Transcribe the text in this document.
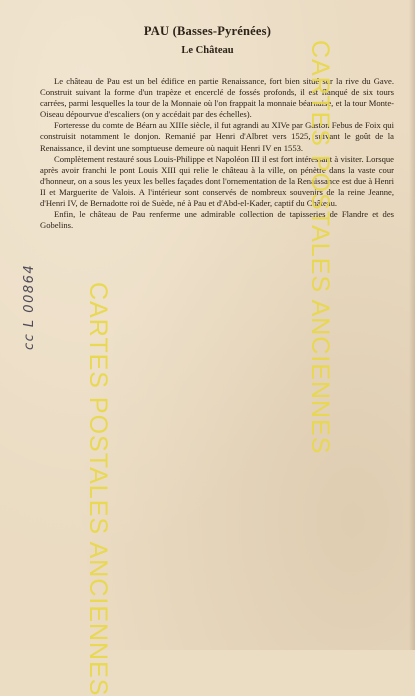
PAU (Basses-Pyrénées)
Le Château

Le château de Pau est un bel édifice en partie Renaissance, fort bien situé sur la rive du Gave. Construit suivant la forme d'un trapèze et encerclé de fossés profonds, il est flanqué de six tours carrées, parmi lesquelles la tour de la Monnaie où l'on frappait la monnaie béarnaise, et la tour Monte-Oiseau dépourvue d'escaliers (on y accédait par des échelles).

Forteresse du comte de Béarn au XIIIe siècle, il fut agrandi au XIVe par Gaston Febus de Foix qui construisit notamment le donjon. Remanié par Henri d'Albret vers 1525, suivant le goût de la Renaissance, il devint une somptueuse demeure où naquit Henri IV en 1553.

Complètement restauré sous Louis-Philippe et Napoléon III il est fort intéressant à visiter. Lorsque après avoir franchi le pont Louis XIII qui relie le château à la ville, on pénètre dans la vaste cour d'honneur, on a sous les yeux les belles façades dont l'ornementation de la Renaissance est due à Henri II et Marguerite de Valois. A l'intérieur sont conservés de nombreux souvenirs de la reine Jeanne, d'Henri IV, de Bernadotte roi de Suède, né à Pau et d'Abd-el-Kader, captif du Château.

Enfin, le château de Pau renferme une admirable collection de tapisseries de Flandre et des Gobelins.	CARTES POSTALES ANCIENNES
CARTES POSTALES ANCIENNES
cc L 00864
